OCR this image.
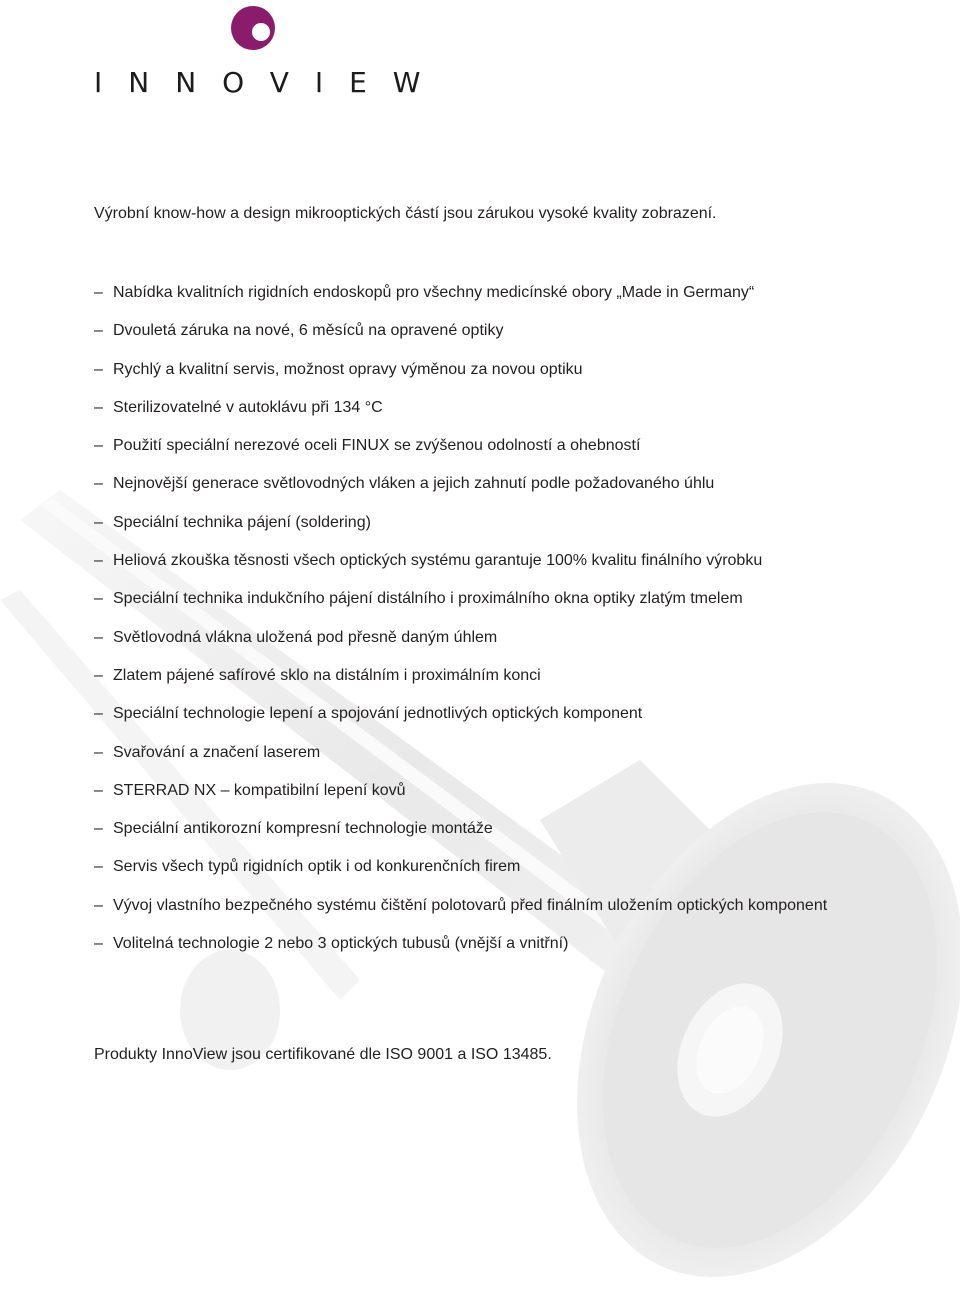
INNOVIEW

Výrobní know-how a design mikrooptických částí jsou zárukou vysoké kvality zobrazení.

– Nabídka kvalitních rigidních endoskopů pro všechny medicínské obory „Made in Germany“
– Dvouletá záruka na nové, 6 měsíců na opravené optiky
– Rychlý a kvalitní servis, možnost opravy výměnou za novou optiku
– Sterilizovatelné v autoklávu při 134 °C
– Použití speciální nerezové oceli FINUX se zvýšenou odolností a ohebností
– Nejnovější generace světlovodných vláken a jejich zahnutí podle požadovaného úhlu
– Speciální technika pájení (soldering)
– Heliová zkouška těsnosti všech optických systému garantuje 100% kvalitu finálního výrobku
– Speciální technika indukčního pájení distálního i proximálního okna optiky zlatým tmelem
– Světlovodná vlákna uložená pod přesně daným úhlem
– Zlatem pájené safírové sklo na distálním i proximálním konci
– Speciální technologie lepení a spojování jednotlivých optických komponent
– Svařování a značení laserem
– STERRAD NX – kompatibilní lepení kovů
– Speciální antikorozní kompresní technologie montáže
– Servis všech typů rigidních optik i od konkurenčních firem
– Vývoj vlastního bezpečného systému čištění polotovarů před finálním uložením optických komponent
– Volitelná technologie 2 nebo 3 optických tubusů (vnější a vnitřní)

Produkty InnoView jsou certifikované dle ISO 9001 a ISO 13485.
